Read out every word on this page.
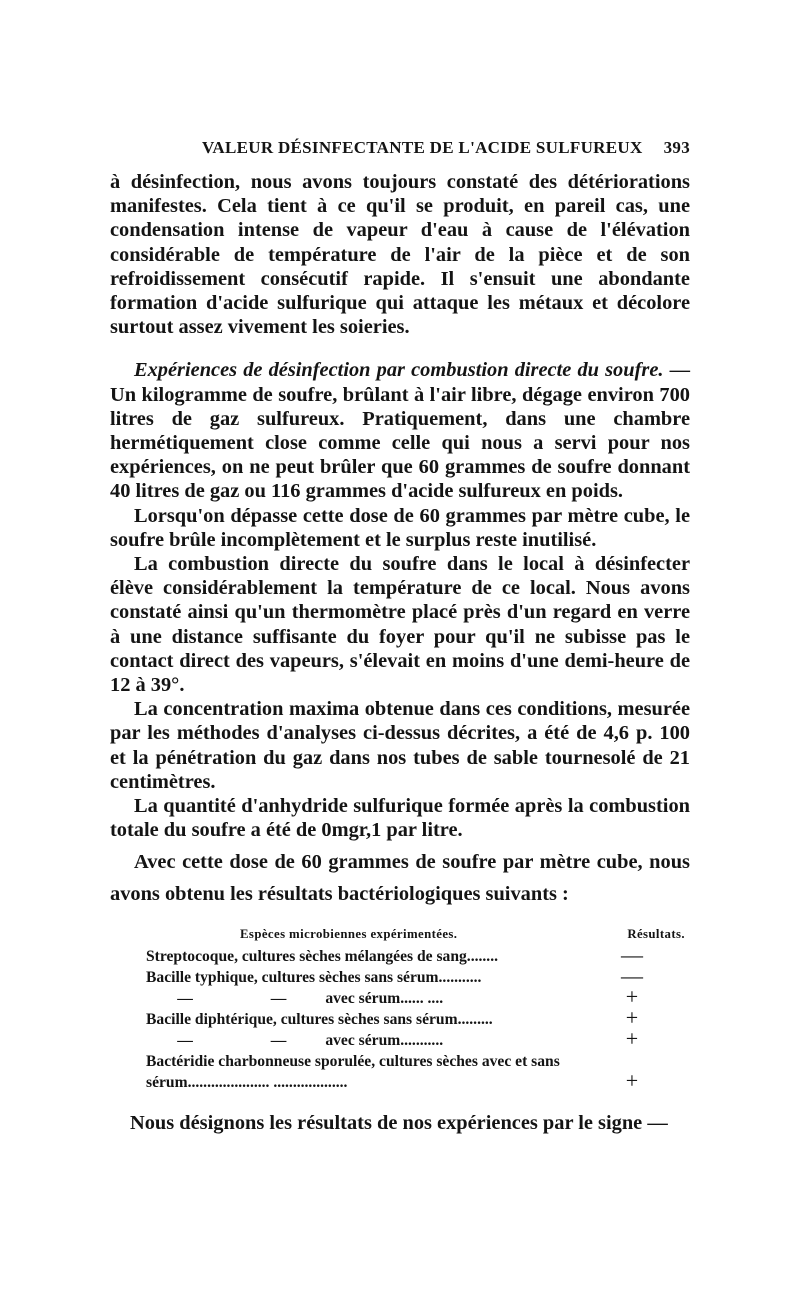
VALEUR DÉSINFECTANTE DE L'ACIDE SULFUREUX 393

à désinfection, nous avons toujours constaté des détériorations manifestes. Cela tient à ce qu'il se produit, en pareil cas, une condensation intense de vapeur d'eau à cause de l'élévation considérable de température de l'air de la pièce et de son refroidissement consécutif rapide. Il s'ensuit une abondante formation d'acide sulfurique qui attaque les métaux et décolore surtout assez vivement les soieries.

Expériences de désinfection par combustion directe du soufre. — Un kilogramme de soufre, brûlant à l'air libre, dégage environ 700 litres de gaz sulfureux. Pratiquement, dans une chambre hermétiquement close comme celle qui nous a servi pour nos expériences, on ne peut brûler que 60 grammes de soufre donnant 40 litres de gaz ou 116 grammes d'acide sulfureux en poids.

Lorsqu'on dépasse cette dose de 60 grammes par mètre cube, le soufre brûle incomplètement et le surplus reste inutilisé.

La combustion directe du soufre dans le local à désinfecter élève considérablement la température de ce local. Nous avons constaté ainsi qu'un thermomètre placé près d'un regard en verre à une distance suffisante du foyer pour qu'il ne subisse pas le contact direct des vapeurs, s'élevait en moins d'une demi-heure de 12 à 39°.

La concentration maxima obtenue dans ces conditions, mesurée par les méthodes d'analyses ci-dessus décrites, a été de 4,6 p. 100 et la pénétration du gaz dans nos tubes de sable tournesolé de 21 centimètres.

La quantité d'anhydride sulfurique formée après la combustion totale du soufre a été de 0mgr,1 par litre.

Avec cette dose de 60 grammes de soufre par mètre cube, nous avons obtenu les résultats bactériologiques suivants :

Espèces microbiennes expérimentées.	Résultats.
Streptocoque, cultures sèches mélangées de sang........	—
Bacille typhique, cultures sèches sans sérum...........	—
—                    —          avec sérum...... ....	+
Bacille diphtérique, cultures sèches sans sérum.........	+
—                    —          avec sérum...........	+
Bactéridie charbonneuse sporulée, cultures sèches avec et sans sérum..................... ...................	+
Nous désignons les résultats de nos expériences par le signe —
